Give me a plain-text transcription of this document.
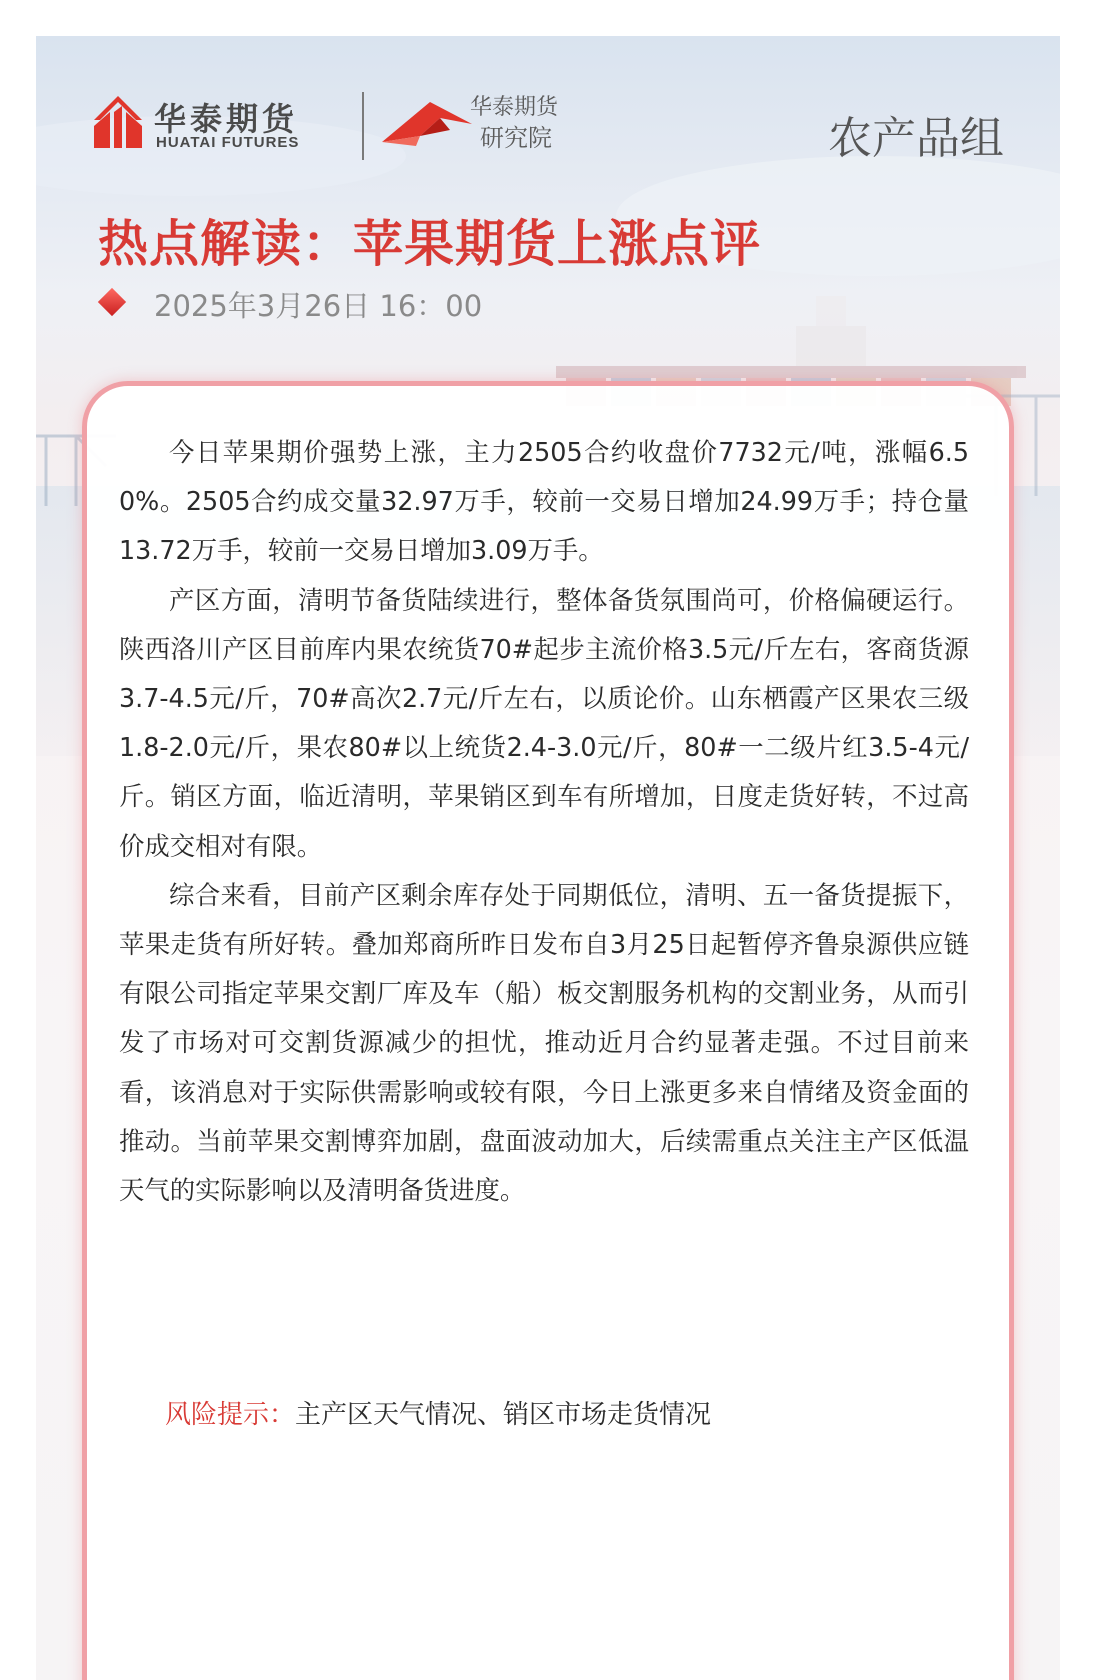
华泰期货
HUATAI FUTURES
华泰期货
研究院	农产品组
热点解读：苹果期货上涨点评
2025年3月26日 16：00

今日苹果期价强势上涨，主力2505合约收盘价7732元/吨，涨幅6.50%。2505合约成交量32.97万手，较前一交易日增加24.99万手；持仓量13.72万手，较前一交易日增加3.09万手。

产区方面，清明节备货陆续进行，整体备货氛围尚可，价格偏硬运行。陕西洛川产区目前库内果农统货70#起步主流价格3.5元/斤左右，客商货源3.7-4.5元/斤，70#高次2.7元/斤左右，以质论价。山东栖霞产区果农三级1.8-2.0元/斤，果农80#以上统货2.4-3.0元/斤，80#一二级片红3.5-4元/斤。销区方面，临近清明，苹果销区到车有所增加，日度走货好转，不过高价成交相对有限。

综合来看，目前产区剩余库存处于同期低位，清明、五一备货提振下，苹果走货有所好转。叠加郑商所昨日发布自3月25日起暂停齐鲁泉源供应链有限公司指定苹果交割厂库及车（船）板交割服务机构的交割业务，从而引发了市场对可交割货源减少的担忧，推动近月合约显著走强。不过目前来看，该消息对于实际供需影响或较有限，今日上涨更多来自情绪及资金面的推动。当前苹果交割博弈加剧，盘面波动加大，后续需重点关注主产区低温天气的实际影响以及清明备货进度。

风险提示：主产区天气情况、销区市场走货情况
